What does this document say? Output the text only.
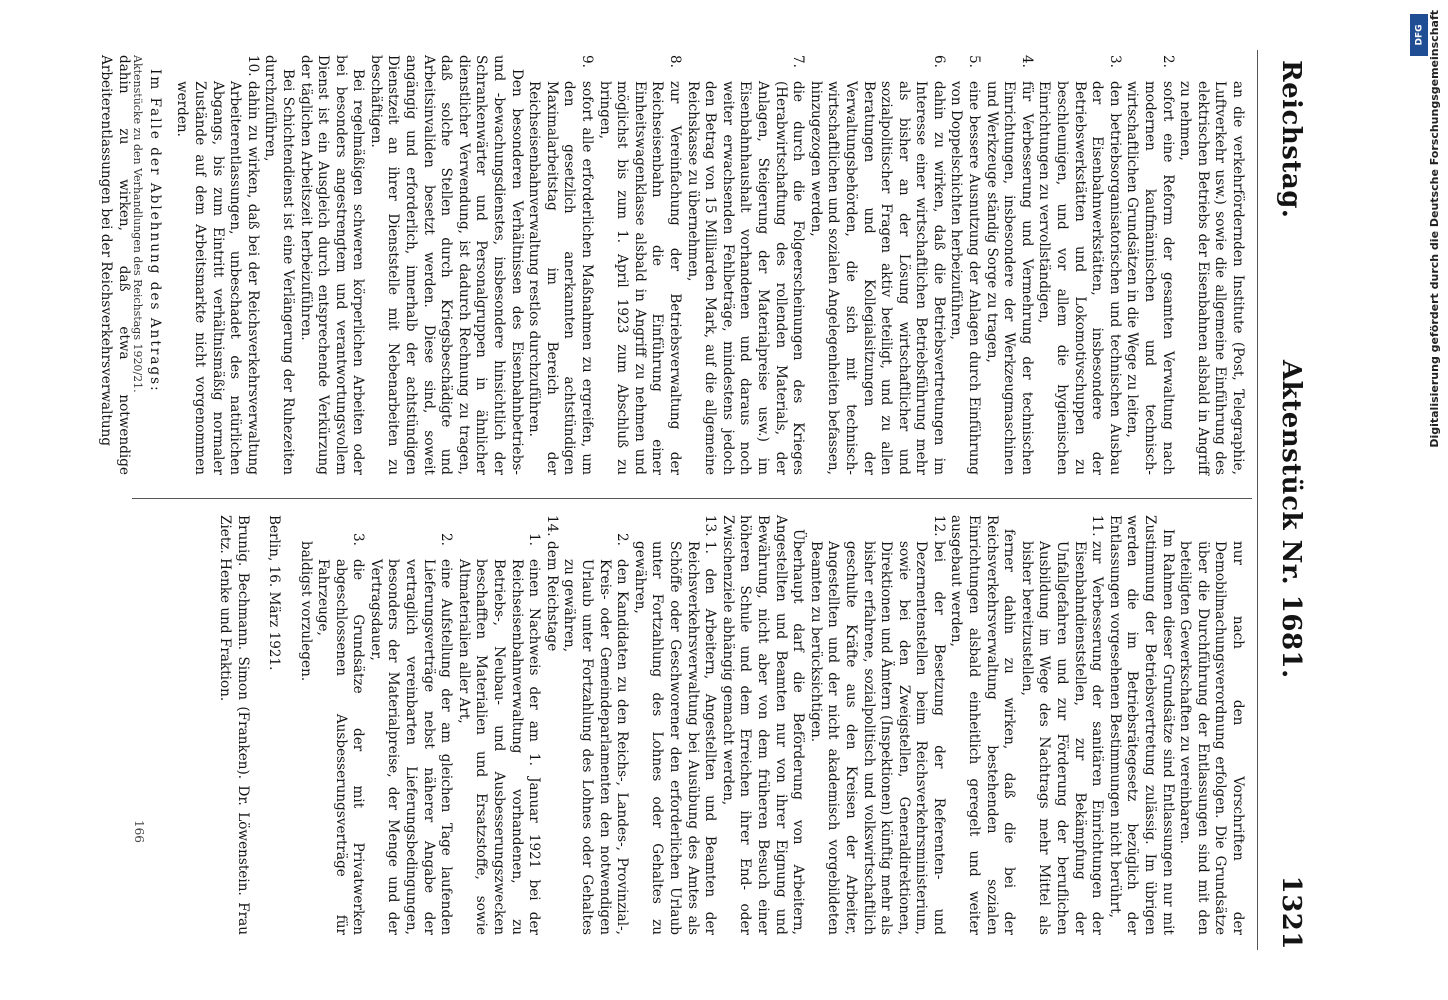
Reichstag.
Aktenstück Nr. 1681.
1321

an die verkehrfördernden Institute (Post, Telegraphie, Luftverkehr usw.) sowie die allgemeine Einführung des elektrischen Betriebs der Eisenbahnen alsbald in Angriff zu nehmen,

2.
sofort eine Reform der gesamten Verwaltung nach modernen kaufmännischen und technisch-wirtschaftlichen Grundsätzen in die Wege zu leiten,

3.
den betriebsorganisatorischen und technischen Ausbau der Eisenbahnwerkstätten, insbesondere der Betriebswerkstätten und Lokomotivschuppen zu beschleunigen, und vor allem die hygienischen Einrichtungen zu vervollständigen,

4.
für Verbesserung und Vermehrung der technischen Einrichtungen, insbesondere der Werkzeugmaschinen und Werkzeuge ständig Sorge zu tragen,

5.
eine bessere Ausnutzung der Anlagen durch Einführung von Doppelschichten herbeizuführen,

6.
dahin zu wirken, daß die Betriebsvertretungen im Interesse einer wirtschaftlichen Betriebsführung mehr als bisher an der Lösung wirtschaftlicher und sozialpolitischer Fragen aktiv beteiligt, und zu allen Beratungen und Kollegialsitzungen der Verwaltungsbehörden, die sich mit technisch-wirtschaftlichen und sozialen Angelegenheiten befassen, hinzugezogen werden,

7.
die durch die Folgeerscheinungen des Krieges (Herabwirtschaftung des rollenden Materials, der Anlagen, Steigerung der Materialpreise usw.) im Eisenbahnhaushalt vorhandenen und daraus noch weiter erwachsenden Fehlbeträge, mindestens jedoch den Betrag von 15 Milliarden Mark, auf die allgemeine Reichskasse zu übernehmen,

8.
zur Vereinfachung der Betriebsverwaltung der Reichseisenbahn die Einführung einer Einheitswagenklasse alsbald in Angriff zu nehmen und möglichst bis zum 1. April 1923 zum Abschluß zu bringen,

9.
sofort alle erforderlichen Maßnahmen zu ergreifen, um den gesetzlich anerkannten achtstündigen Maximalarbeitstag im Bereich der Reichseisenbahnverwaltung restlos durchzuführen.

Den besonderen Verhältnissen des Eisenbahnbetriebs- und -bewachungsdienstes, insbesondere hinsichtlich der Schrankenwärter und Personalgruppen in ähnlicher dienstlicher Verwendung, ist dadurch Rechnung zu tragen, daß solche Stellen durch Kriegsbeschädigte und Arbeitsinvaliden besetzt werden. Diese sind, soweit angängig und erforderlich, innerhalb der achtstündigen Dienstzeit an ihrer Dienststelle mit Nebenarbeiten zu beschäftigen.

Bei regelmäßigen schweren körperlichen Arbeiten oder bei besonders angestrengtem und verantwortungsvollem Dienst ist ein Ausgleich durch entsprechende Verkürzung der täglichen Arbeitszeit herbeizuführen.

Bei Schichtendienst ist eine Verlängerung der Ruhezeiten durchzuführen,

10.
dahin zu wirken, daß bei der Reichsverkehrsverwaltung Arbeiterentlassungen, unbeschadet des natürlichen Abgangs, bis zum Eintritt verhältnismäßig normaler Zustände auf dem Arbeitsmarkte nicht vorgenommen werden.

Im Falle der Ablehnung des Antrags:

dahin zu wirken, daß etwa notwendige Arbeiterentlassungen bei der Reichsverkehrsverwaltung

nur nach den Vorschriften der Demobilmachungsverordnung erfolgen. Die Grundsätze über die Durchführung der Entlassungen sind mit den beteiligten Gewerkschaften zu vereinbaren.

Im Rahmen dieser Grundsätze sind Entlassungen nur mit Zustimmung der Betriebsvertretung zulässig. Im übrigen werden die im Betriebsrätegesetz bezüglich der Entlassungen vorgesehenen Bestimmungen nicht berührt,

11.
zur Verbesserung der sanitären Einrichtungen der Eisenbahndienststellen, zur Bekämpfung der Unfallgefahren und zur Förderung der beruflichen Ausbildung im Wege des Nachtrags mehr Mittel als bisher bereitzustellen,

ferner dahin zu wirken, daß die bei der Reichsverkehrsverwaltung bestehenden sozialen Einrichtungen alsbald einheitlich geregelt und weiter ausgebaut werden,

12.
bei der Besetzung der Referenten- und Dezernentenstellen beim Reichsverkehrsministerium, sowie bei den Zweigstellen, Generaldirektionen, Direktionen und Ämtern (Inspektionen) künftig mehr als bisher erfahrene, sozialpolitisch und volkswirtschaftlich geschulte Kräfte aus den Kreisen der Arbeiter, Angestellten und der nicht akademisch vorgebildeten Beamten zu berücksichtigen.

Überhaupt darf die Beförderung von Arbeitern, Angestellten und Beamten nur von ihrer Eignung und Bewährung, nicht aber von dem früheren Besuch einer höheren Schule und dem Erreichen ihrer End- oder Zwischenziele abhängig gemacht werden,

13.
1. den Arbeitern, Angestellten und Beamten der Reichsverkehrsverwaltung bei Ausübung des Amtes als Schöffe oder Geschworener den erforderlichen Urlaub unter Fortzahlung des Lohnes oder Gehaltes zu gewähren,

2.
den Kandidaten zu den Reichs-, Landes-, Provinzial-, Kreis- oder Gemeindeparlamenten den notwendigen Urlaub unter Fortzahlung des Lohnes oder Gehaltes zu gewähren,

14.
dem Reichstage

1.
einen Nachweis der am 1. Januar 1921 bei der Reichseisenbahnverwaltung vorhandenen, zu Betriebs-, Neubau- und Ausbesserungszwecken beschafften Materialien und Ersatzstoffe, sowie Altmaterialien aller Art,

2.
eine Aufstellung der am gleichen Tage laufenden Lieferungsverträge nebst näherer Angabe der vertraglich vereinbarten Lieferungsbedingungen, besonders der Materialpreise, der Menge und der Vertragsdauer,

3.
die Grundsätze der mit Privatwerken abgeschlossenen Ausbesserungsverträge für Fahrzeuge,

baldigst vorzulegen.

Berlin, 16. März 1921.

Brunig. Bechmann. Simon (Franken). Dr. Löwenstein. Frau Zietz. Henke und Fraktion.

166
Aktenstücke zu den Verhandlungen des Reichstags 1920/21.
DFG Digitalisierung gefördert durch die Deutsche Forschungsgemeinschaft
